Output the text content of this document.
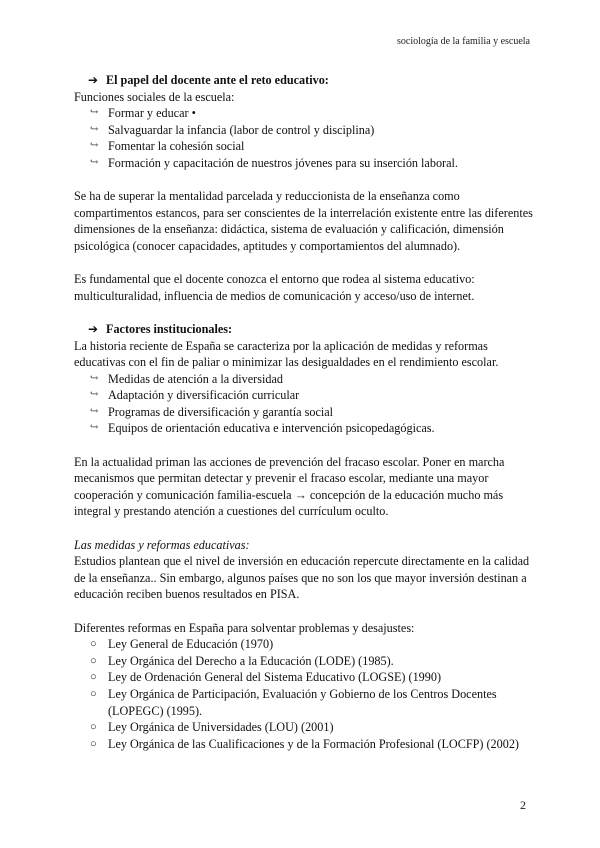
sociología de la familia y escuela
➔ El papel del docente ante el reto educativo:

Funciones sociales de la escuela:

↪ Formar y educar •
↪ Salvaguardar la infancia (labor de control y disciplina)
↪ Fomentar la cohesión social
↪ Formación y capacitación de nuestros jóvenes para su inserción laboral.

Se ha de superar la mentalidad parcelada y reduccionista de la enseñanza como compartimentos estancos, para ser conscientes de la interrelación existente entre las diferentes dimensiones de la enseñanza: didáctica, sistema de evaluación y calificación, dimensión psicológica (conocer capacidades, aptitudes y comportamientos del alumnado).

Es fundamental que el docente conozca el entorno que rodea al sistema educativo: multiculturalidad, influencia de medios de comunicación y acceso/uso de internet.

➔ Factores institucionales:

La historia reciente de España se caracteriza por la aplicación de medidas y reformas educativas con el fin de paliar o minimizar las desigualdades en el rendimiento escolar.

↪ Medidas de atención a la diversidad
↪ Adaptación y diversificación curricular
↪ Programas de diversificación y garantía social
↪ Equipos de orientación educativa e intervención psicopedagógicas.

En la actualidad priman las acciones de prevención del fracaso escolar. Poner en marcha mecanismos que permitan detectar y prevenir el fracaso escolar, mediante una mayor cooperación y comunicación familia-escuela → concepción de la educación mucho más integral y prestando atención a cuestiones del currículum oculto.

Las medidas y reformas educativas:

Estudios plantean que el nivel de inversión en educación repercute directamente en la calidad de la enseñanza.. Sin embargo, algunos países que no son los que mayor inversión destinan a educación reciben buenos resultados en PISA.

Diferentes reformas en España para solventar problemas y desajustes:

○ Ley General de Educación (1970)
○ Ley Orgánica del Derecho a la Educación (LODE) (1985).
○ Ley de Ordenación General del Sistema Educativo (LOGSE) (1990)
○ Ley Orgánica de Participación, Evaluación y Gobierno de los Centros Docentes (LOPEGC) (1995).
○ Ley Orgánica de Universidades (LOU) (2001)
○ Ley Orgánica de las Cualificaciones y de la Formación Profesional (LOCFP) (2002)
2
